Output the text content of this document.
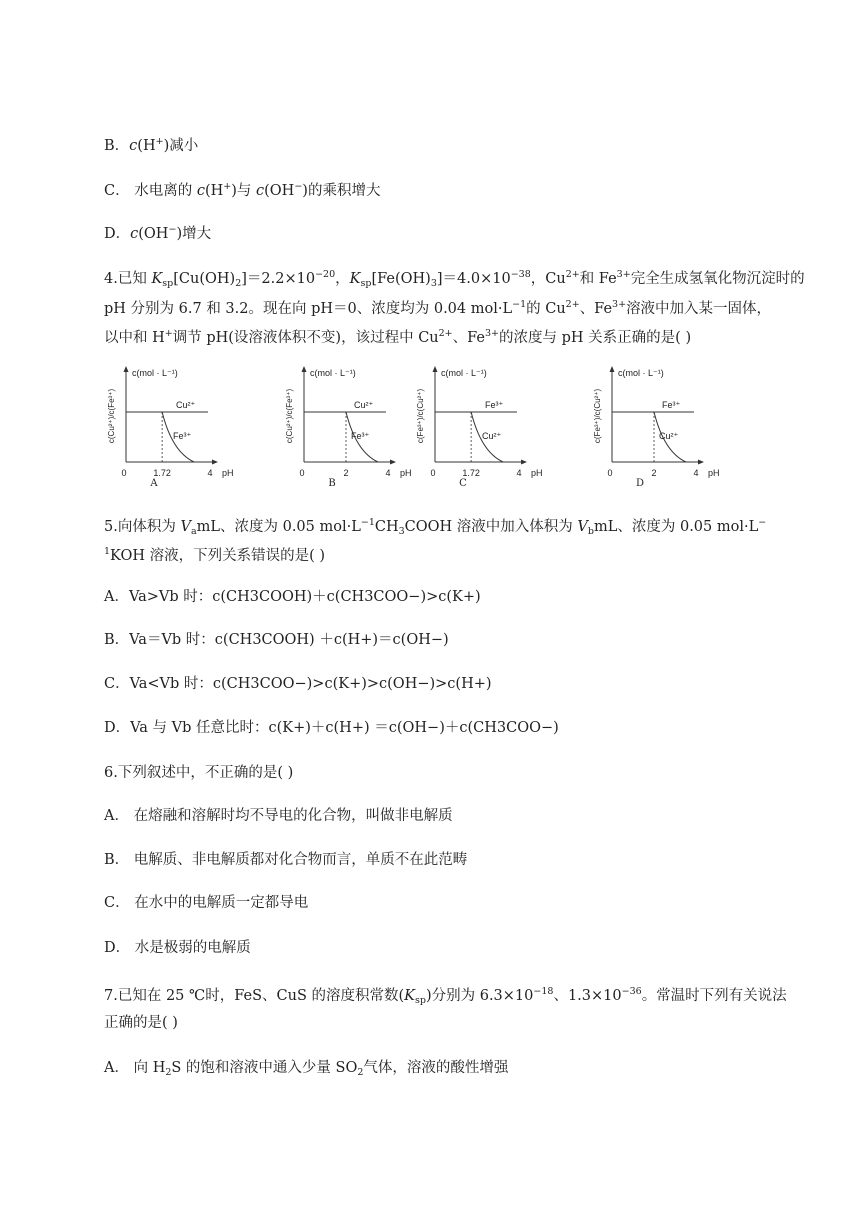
B．c(H+)减小
C． 水电离的 c(H+)与 c(OH−)的乘积增大
D．c(OH−)增大
4.已知 $K_{sp}[Cu(OH)_2]=2.2\times 10^{-20}$，$K_{sp}[Fe(OH)_3]=4.0\times 10^{-38}$，$Cu^{2+}$和 $Fe^{3+}$完全生成氢氧化物沉淀时的
pH 分别为 6.7 和 3.2。现在向 pH＝0、浓度均为 0.04 $mol\cdot L^{-1}$的 $Cu^{2+}$、$Fe^{3+}$溶液中加入某一固体，
以中和 H+调节 pH(设溶液体积不变)，该过程中 $Cu^{2+}$、$Fe^{3+}$的浓度与 pH 关系正确的是( )
c(mol · L⁻¹)
c(Cu²⁺)/c(Fe³⁺)	Cu²⁺
Fe³⁺
0	1.72	4 pH
A
c(mol · L⁻¹)
c(Cu²⁺)/c(Fe³⁺)	Cu²⁺
Fe³⁺
0	2	4 pH
B
c(mol · L⁻¹)
c(Fe³⁺)/c(Cu²⁺)	Fe³⁺
Cu²⁺
0	1.72	4 pH
C
c(mol · L⁻¹)
c(Fe³⁺)/c(Cu²⁺)	Fe³⁺
Cu²⁺
0	2	4 pH
D
5.向体积为 $V_amL$、浓度为 0.05 $mol\cdot L^{-1}CH_3COOH$ 溶液中加入体积为 $V_bmL$、浓度为 0.05 mol·L−
$^1$KOH 溶液，下列关系错误的是( )
A．Va>Vb 时：c(CH3COOH)＋c(CH3COO−)>c(K+)
B．Va＝Vb 时：c(CH3COOH) ＋c(H+)＝c(OH−)
C．Va<Vb 时：c(CH3COO−)>c(K+)>c(OH−)>c(H+)
D．Va 与 Vb 任意比时：c(K+)＋c(H+) ＝c(OH−)＋c(CH3COO−)
6.下列叙述中，不正确的是( )
A． 在熔融和溶解时均不导电的化合物，叫做非电解质
B． 电解质、非电解质都对化合物而言，单质不在此范畴
C． 在水中的电解质一定都导电
D． 水是极弱的电解质
7.已知在 25 ℃时，FeS、CuS 的溶度积常数$(K_{sp})$分别为 $6.3\times 10^{-18}$、$1.3\times 10^{-36}$。常温时下列有关说法
正确的是( )
A． 向 $H_2S$ 的饱和溶液中通入少量 $SO_2$气体，溶液的酸性增强
